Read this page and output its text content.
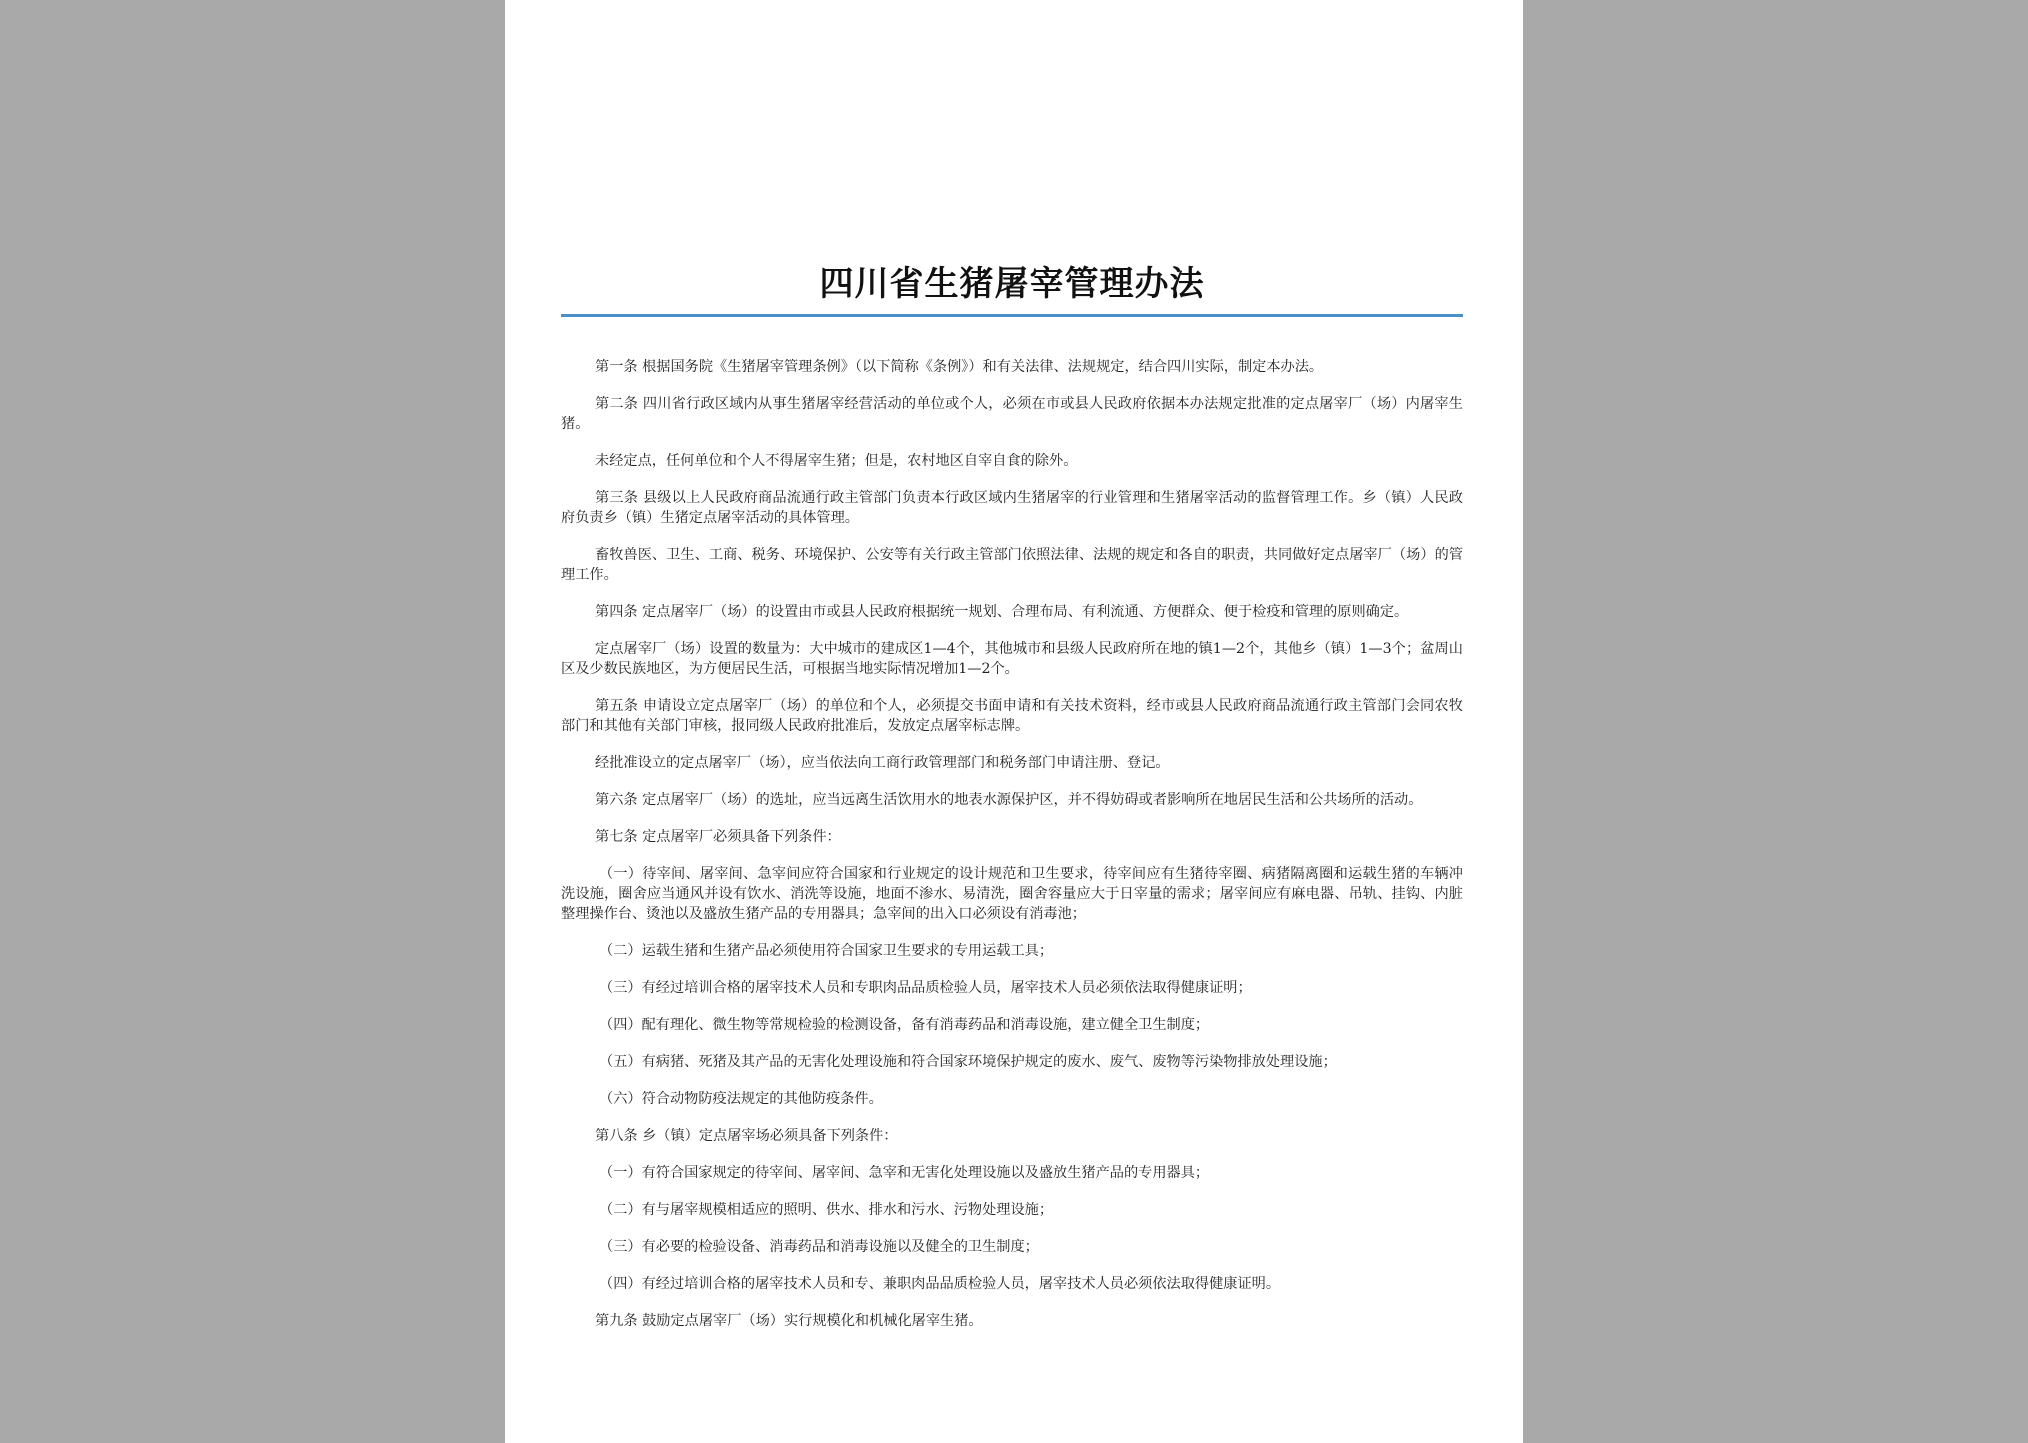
四川省生猪屠宰管理办法

第一条 根据国务院《生猪屠宰管理条例》（以下简称《条例》）和有关法律、法规规定，结合四川实际，制定本办法。

第二条 四川省行政区域内从事生猪屠宰经营活动的单位或个人，必须在市或县人民政府依据本办法规定批准的定点屠宰厂（场）内屠宰生猪。

未经定点，任何单位和个人不得屠宰生猪；但是，农村地区自宰自食的除外。

第三条 县级以上人民政府商品流通行政主管部门负责本行政区域内生猪屠宰的行业管理和生猪屠宰活动的监督管理工作。乡（镇）人民政府负责乡（镇）生猪定点屠宰活动的具体管理。

畜牧兽医、卫生、工商、税务、环境保护、公安等有关行政主管部门依照法律、法规的规定和各自的职责，共同做好定点屠宰厂（场）的管理工作。

第四条 定点屠宰厂（场）的设置由市或县人民政府根据统一规划、合理布局、有利流通、方便群众、便于检疫和管理的原则确定。

定点屠宰厂（场）设置的数量为：大中城市的建成区1—4个，其他城市和县级人民政府所在地的镇1—2个，其他乡（镇）1—3个；盆周山区及少数民族地区，为方便居民生活，可根据当地实际情况增加1—2个。

第五条 申请设立定点屠宰厂（场）的单位和个人，必须提交书面申请和有关技术资料，经市或县人民政府商品流通行政主管部门会同农牧部门和其他有关部门审核，报同级人民政府批准后，发放定点屠宰标志牌。

经批准设立的定点屠宰厂（场），应当依法向工商行政管理部门和税务部门申请注册、登记。

第六条 定点屠宰厂（场）的选址，应当远离生活饮用水的地表水源保护区，并不得妨碍或者影响所在地居民生活和公共场所的活动。

第七条 定点屠宰厂必须具备下列条件：

（一）待宰间、屠宰间、急宰间应符合国家和行业规定的设计规范和卫生要求，待宰间应有生猪待宰圈、病猪隔离圈和运载生猪的车辆冲洗设施，圈舍应当通风并设有饮水、消洗等设施，地面不渗水、易清洗，圈舍容量应大于日宰量的需求；屠宰间应有麻电器、吊轨、挂钩、内脏整理操作台、烫池以及盛放生猪产品的专用器具；急宰间的出入口必须设有消毒池；

（二）运载生猪和生猪产品必须使用符合国家卫生要求的专用运载工具；

（三）有经过培训合格的屠宰技术人员和专职肉品品质检验人员，屠宰技术人员必须依法取得健康证明；

（四）配有理化、微生物等常规检验的检测设备，备有消毒药品和消毒设施，建立健全卫生制度；

（五）有病猪、死猪及其产品的无害化处理设施和符合国家环境保护规定的废水、废气、废物等污染物排放处理设施；

（六）符合动物防疫法规定的其他防疫条件。

第八条 乡（镇）定点屠宰场必须具备下列条件：

（一）有符合国家规定的待宰间、屠宰间、急宰和无害化处理设施以及盛放生猪产品的专用器具；

（二）有与屠宰规模相适应的照明、供水、排水和污水、污物处理设施；

（三）有必要的检验设备、消毒药品和消毒设施以及健全的卫生制度；

（四）有经过培训合格的屠宰技术人员和专、兼职肉品品质检验人员，屠宰技术人员必须依法取得健康证明。

第九条 鼓励定点屠宰厂（场）实行规模化和机械化屠宰生猪。
